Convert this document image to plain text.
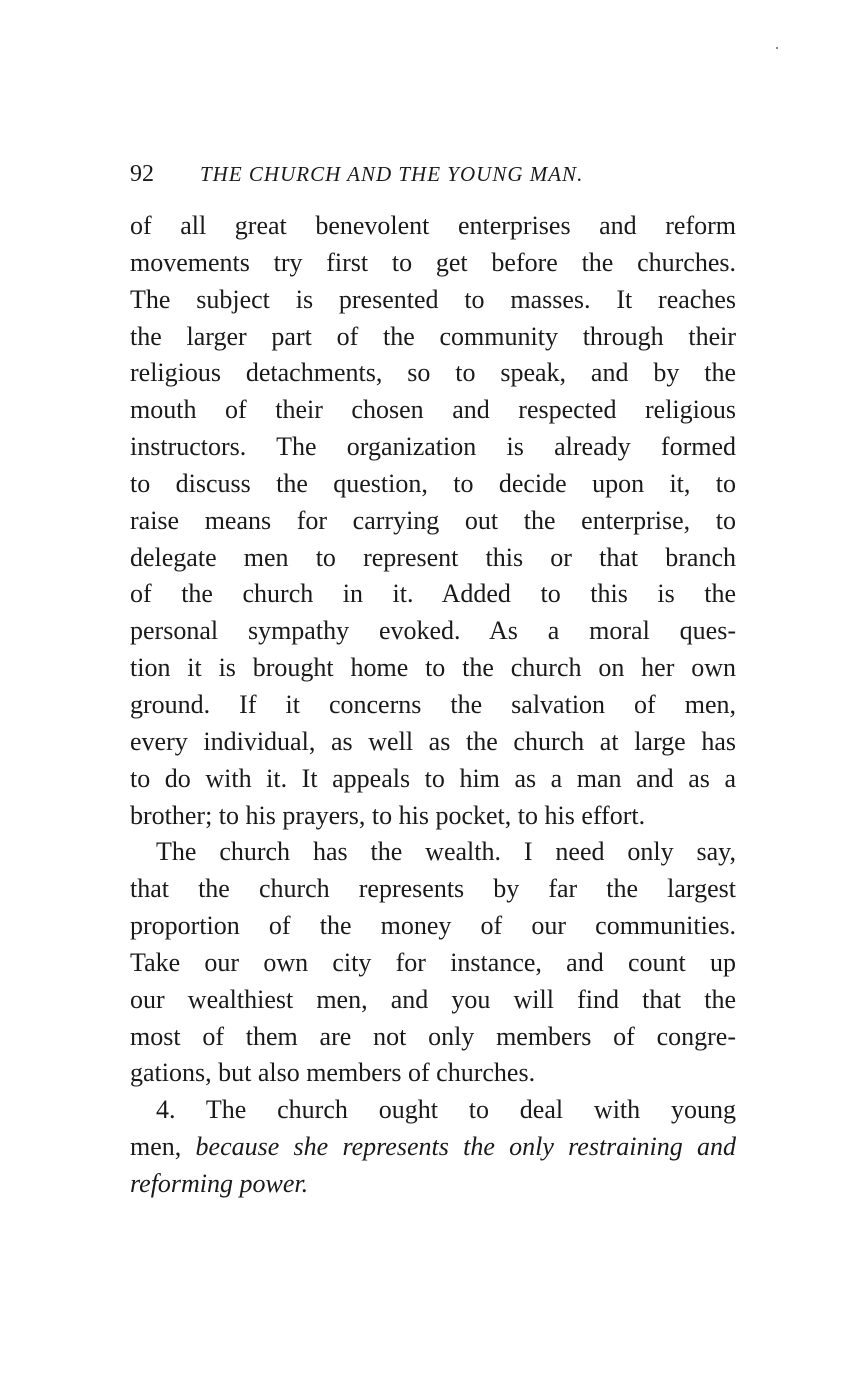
92 THE CHURCH AND THE YOUNG MAN.
of all great benevolent enterprises and reform
movements try first to get before the churches.
The subject is presented to masses. It reaches
the larger part of the community through their
religious detachments, so to speak, and by the
mouth of their chosen and respected religious
instructors. The organization is already formed
to discuss the question, to decide upon it, to
raise means for carrying out the enterprise, to
delegate men to represent this or that branch
of the church in it. Added to this is the
personal sympathy evoked. As a moral ques-
tion it is brought home to the church on her own
ground. If it concerns the salvation of men,
every individual, as well as the church at large has
to do with it. It appeals to him as a man and as a
brother; to his prayers, to his pocket, to his effort.
The church has the wealth. I need only say,
that the church represents by far the largest
proportion of the money of our communities.
Take our own city for instance, and count up
our wealthiest men, and you will find that the
most of them are not only members of congre-
gations, but also members of churches.
4. The church ought to deal with young
men, because she represents the only restraining and
reforming power.
